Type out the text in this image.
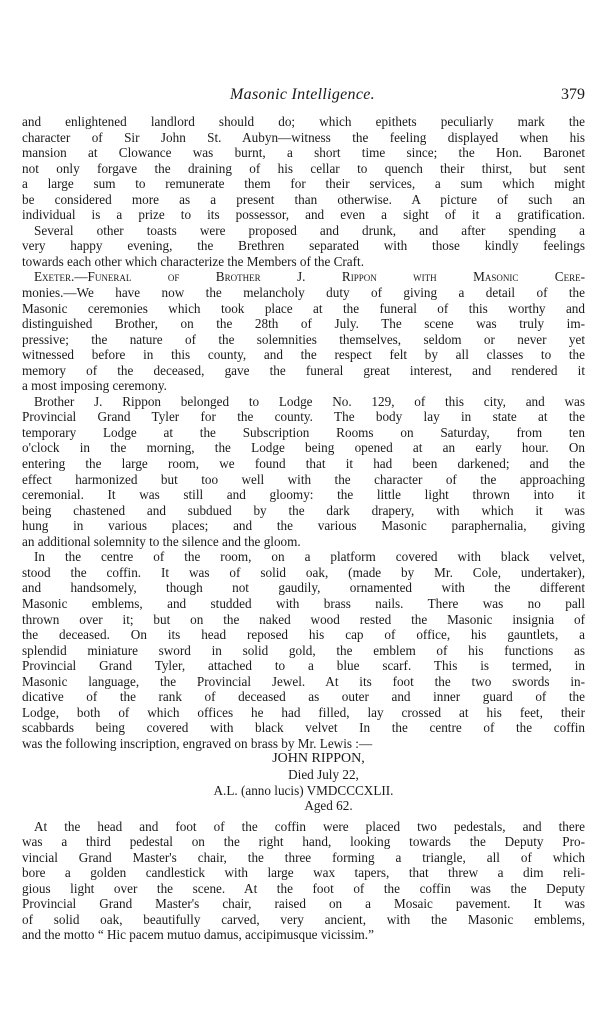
Masonic Intelligence.	379
and enlightened landlord should do; which epithets peculiarly mark the
character of Sir John St. Aubyn—witness the feeling displayed when his
mansion at Clowance was burnt, a short time since; the Hon. Baronet
not only forgave the draining of his cellar to quench their thirst, but sent
a large sum to remunerate them for their services, a sum which might
be considered more as a present than otherwise. A picture of such an
individual is a prize to its possessor, and even a sight of it a gratification.
Several other toasts were proposed and drunk, and after spending a
very happy evening, the Brethren separated with those kindly feelings
towards each other which characterize the Members of the Craft.
Exeter.—Funeral of Brother J. Rippon with Masonic Cere-
monies.—We have now the melancholy duty of giving a detail of the
Masonic ceremonies which took place at the funeral of this worthy and
distinguished Brother, on the 28th of July. The scene was truly im-
pressive; the nature of the solemnities themselves, seldom or never yet
witnessed before in this county, and the respect felt by all classes to the
memory of the deceased, gave the funeral great interest, and rendered it
a most imposing ceremony.
Brother J. Rippon belonged to Lodge No. 129, of this city, and was
Provincial Grand Tyler for the county. The body lay in state at the
temporary Lodge at the Subscription Rooms on Saturday, from ten
o'clock in the morning, the Lodge being opened at an early hour. On
entering the large room, we found that it had been darkened; and the
effect harmonized but too well with the character of the approaching
ceremonial. It was still and gloomy: the little light thrown into it
being chastened and subdued by the dark drapery, with which it was
hung in various places; and the various Masonic paraphernalia, giving
an additional solemnity to the silence and the gloom.
In the centre of the room, on a platform covered with black velvet,
stood the coffin. It was of solid oak, (made by Mr. Cole, undertaker),
and handsomely, though not gaudily, ornamented with the different
Masonic emblems, and studded with brass nails. There was no pall
thrown over it; but on the naked wood rested the Masonic insignia of
the deceased. On its head reposed his cap of office, his gauntlets, a
splendid miniature sword in solid gold, the emblem of his functions as
Provincial Grand Tyler, attached to a blue scarf. This is termed, in
Masonic language, the Provincial Jewel. At its foot the two swords in-
dicative of the rank of deceased as outer and inner guard of the
Lodge, both of which offices he had filled, lay crossed at his feet, their
scabbards being covered with black velvet In the centre of the coffin
was the following inscription, engraved on brass by Mr. Lewis :—
JOHN RIPPON,
Died July 22,
A.L. (anno lucis) VMDCCCXLII.
Aged 62.
At the head and foot of the coffin were placed two pedestals, and there
was a third pedestal on the right hand, looking towards the Deputy Pro-
vincial Grand Master's chair, the three forming a triangle, all of which
bore a golden candlestick with large wax tapers, that threw a dim reli-
gious light over the scene. At the foot of the coffin was the Deputy
Provincial Grand Master's chair, raised on a Mosaic pavement. It was
of solid oak, beautifully carved, very ancient, with the Masonic emblems,
and the motto “ Hic pacem mutuo damus, accipimusque vicissim.”
